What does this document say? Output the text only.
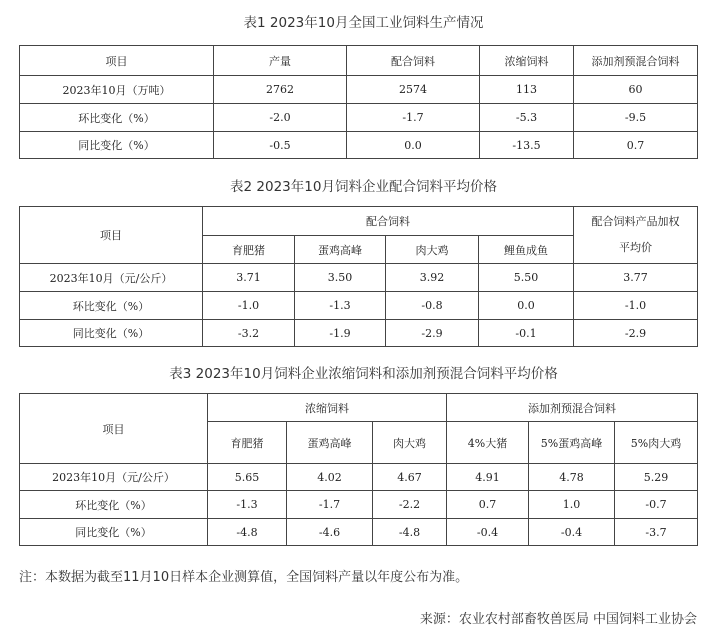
表1 2023年10月全国工业饲料生产情况
项目	产量	配合饲料	浓缩饲料	添加剂预混合饲料
2023年10月（万吨）	2762	2574	113	60
环比变化（%）	-2.0	-1.7	-5.3	-9.5
同比变化（%）	-0.5	0.0	-13.5	0.7
表2 2023年10月饲料企业配合饲料平均价格
项目	配合饲料				配合饲料产品加权
平均价

	育肥猪	蛋鸡高峰	肉大鸡	鲤鱼成鱼	
2023年10月（元/公斤）	3.71	3.50	3.92	5.50	3.77
环比变化（%）	-1.0	-1.3	-0.8	0.0	-1.0
同比变化（%）	-3.2	-1.9	-2.9	-0.1	-2.9
表3 2023年10月饲料企业浓缩饲料和添加剂预混合饲料平均价格
项目	浓缩饲料			添加剂预混合饲料		
	育肥猪	蛋鸡高峰	肉大鸡	4%大猪	5%蛋鸡高峰	5%肉大鸡
2023年10月（元/公斤）	5.65	4.02	4.67	4.91	4.78	5.29
环比变化（%）	-1.3	-1.7	-2.2	0.7	1.0	-0.7
同比变化（%）	-4.8	-4.6	-4.8	-0.4	-0.4	-3.7
注：本数据为截至11月10日样本企业测算值，全国饲料产量以年度公布为准。
来源：农业农村部畜牧兽医局 中国饲料工业协会
